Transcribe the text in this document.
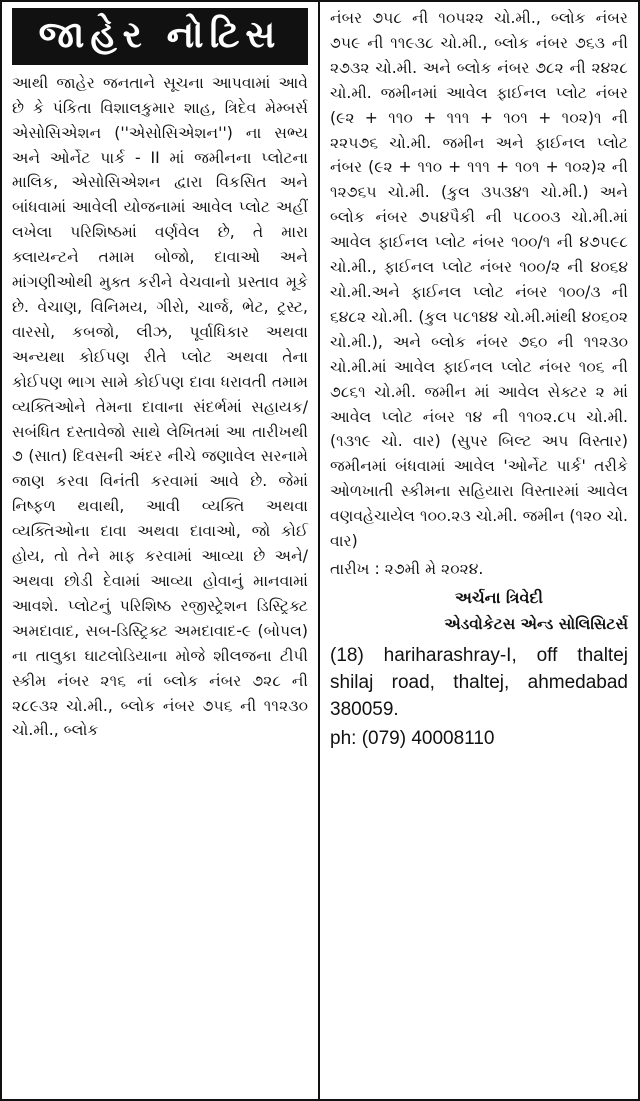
જાહેર નોટિસ

આથી જાહેર જનતાને સૂચના આપવામાં આવે છે કે પંકિતા વિશાલકુમાર શાહ, ત્રિદેવ મેમ્બર્સ એસોસિએશન (''એસોસિએશન'') ના સભ્ય અને ઓર્નેટ પાર્ક - II માં જમીનના પ્લોટના માલિક, એસોસિએશન દ્વારા વિકસિત અને બાંધવામાં આવેલી યોજનામાં આવેલ પ્લોટ અહીં લખેલા પરિશિષ્ઠમાં વર્ણવેલ છે, તે મારા ક્લાયન્ટને તમામ બોજો, દાવાઓ અને માંગણીઓથી મુક્ત કરીને વેચવાનો પ્રસ્તાવ મૂકે છે. વેચાણ, વિનિમય, ગીરો, ચાર્જ, ભેટ, ટ્રસ્ટ, વારસો, કબજો, લીઝ, પૂર્વાધિકાર અથવા અન્યથા કોઈપણ રીતે પ્લોટ અથવા તેના કોઈપણ ભાગ સામે કોઈપણ દાવા ધરાવતી તમામ વ્યક્તિઓને તેમના દાવાના સંદર્ભમાં સહાયક/સબંધિત દસ્તાવેજો સાથે લેખિતમાં આ તારીખથી ૭ (સાત) દિવસની અંદર નીચે જણાવેલ સરનામે જાણ કરવા વિનંતી કરવામાં આવે છે. જેમાં નિષ્ફળ થવાથી, આવી વ્યક્તિ અથવા વ્યક્તિઓના દાવા અથવા દાવાઓ, જો કોઈ હોય, તો તેને માફ કરવામાં આવ્યા છે અને/ અથવા છોડી દેવામાં આવ્યા હોવાનું માનવામાં આવશે. પ્લોટનું પરિશિષ્ઠ રજીસ્ટ્રેશન ડિસ્ટ્રિક્ટ અમદાવાદ, સબ-ડિસ્ટ્રિક્ટ અમદાવાદ-૯ (બોપલ) ના તાલુકા ઘાટલોડિયાના મોજે શીલજના ટીપી સ્કીમ નંબર ૨૧૬ નાં બ્લોક નંબર ૭૨૮ ની ૨૮૯૩૨ ચો.મી., બ્લોક નંબર ૭૫૬ ની ૧૧૨૩૦ ચો.મી., બ્લોક

નંબર ૭૫૮ ની ૧૦૫૨૨ ચો.મી., બ્લોક નંબર ૭૫૯ ની ૧૧૯૩૮ ચો.મી., બ્લોક નંબર ૭૬૩ ની ૨૭૩૨ ચો.મી. અને બ્લોક નંબર ૭૮૨ ની ૨૪૨૮ ચો.મી. જમીનમાં આવેલ ફાઈનલ પ્લોટ નંબર (૯૨ + ૧૧૦ + ૧૧૧ + ૧૦૧ + ૧૦૨)૧ ની ૨૨૫૭૬ ચો.મી. જમીન અને ફાઈનલ પ્લોટ નંબર (૯૨ + ૧૧૦ + ૧૧૧ + ૧૦૧ + ૧૦૨)૨ ની ૧૨૭૬૫ ચો.મી. (કુલ ૩૫૩૪૧ ચો.મી.) અને બ્લોક નંબર ૭૫૪પૈકી ની ૫૮૦૦૩ ચો.મી.માં આવેલ ફાઈનલ પ્લોટ નંબર ૧૦૦/૧ ની ૪૭૫૯૮ ચો.મી., ફાઈનલ પ્લોટ નંબર ૧૦૦/૨ ની ૪૦૬૪ ચો.મી.અને ફાઈનલ પ્લોટ નંબર ૧૦૦/૩ ની ૬૪૮૨ ચો.મી. (કુલ ૫૮૧૪૪ ચો.મી.માંથી ૪૦૬૦૨ ચો.મી.), અને બ્લોક નંબર ૭૬૦ ની ૧૧૨૩૦ ચો.મી.માં આવેલ ફાઈનલ પ્લોટ નંબર ૧૦૬ ની ૭૮૬૧ ચો.મી. જમીન માં આવેલ સેક્ટર ૨ માં આવેલ પ્લોટ નંબર ૧૪ ની ૧૧૦૨.૮૫ ચો.મી. (૧૩૧૯ ચો. વાર) (સુપર બિલ્ટ અપ વિસ્તાર) જમીનમાં બંધવામાં આવેલ 'ઓર્નેટ પાર્ક' તરીકે ઓળખાતી સ્કીમના સહિયારા વિસ્તારમાં આવેલ વણવહેચાયેલ ૧૦૦.૨૩ ચો.મી. જમીન (૧૨૦ ચો. વાર)

તારીખ : ૨૭મી મે ૨૦૨૪.

અર્ચના ત્રિવેદી

એડવોકેટસ એન્ડ સોલિસિટર્સ

(18) hariharashray-I, off thaltej shilaj road, thaltej, ahmedabad 380059.

ph: (079) 40008110
